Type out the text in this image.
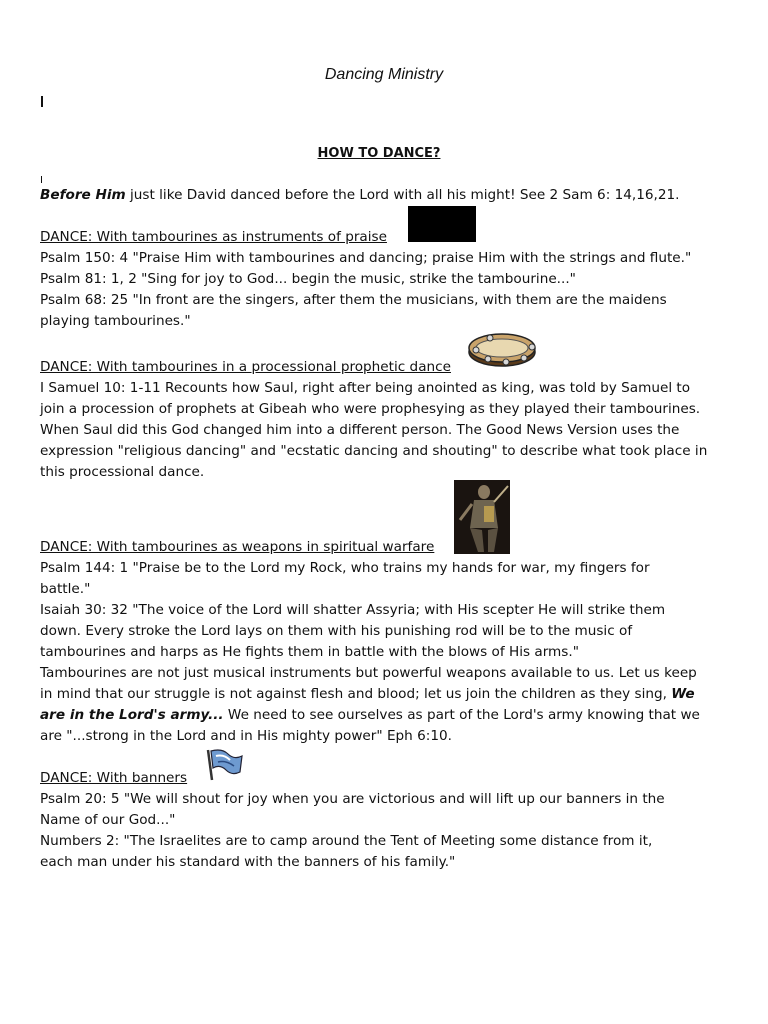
Dancing Ministry
HOW TO DANCE?
Before Him just like David danced before the Lord with all his might! See 2 Sam 6: 14,16,21.
DANCE: With tambourines as instruments of praise
Psalm 150: 4 "Praise Him with tambourines and dancing; praise Him with the strings and flute."
Psalm 81: 1, 2 "Sing for joy to God... begin the music, strike the tambourine..."
Psalm 68: 25 "In front are the singers, after them the musicians, with them are the maidens
playing tambourines."
DANCE: With tambourines in a processional prophetic dance
I Samuel 10: 1-11 Recounts how Saul, right after being anointed as king, was told by Samuel to
join a procession of prophets at Gibeah who were prophesying as they played their tambourines.
When Saul did this God changed him into a different person. The Good News Version uses the
expression "religious dancing" and "ecstatic dancing and shouting" to describe what took place in
this processional dance.
DANCE: With tambourines as weapons in spiritual warfare
Psalm 144: 1 "Praise be to the Lord my Rock, who trains my hands for war, my fingers for
battle."
Isaiah 30: 32 "The voice of the Lord will shatter Assyria; with His scepter He will strike them
down. Every stroke the Lord lays on them with his punishing rod will be to the music of
tambourines and harps as He fights them in battle with the blows of His arms."
Tambourines are not just musical instruments but powerful weapons available to us. Let us keep
in mind that our struggle is not against flesh and blood; let us join the children as they sing, We
are in the Lord's army... We need to see ourselves as part of the Lord's army knowing that we
are "...strong in the Lord and in His mighty power" Eph 6:10.
DANCE: With banners
Psalm 20: 5 "We will shout for joy when you are victorious and will lift up our banners in the
Name of our God..."
Numbers 2: "The Israelites are to camp around the Tent of Meeting some distance from it,
each man under his standard with the banners of his family."
